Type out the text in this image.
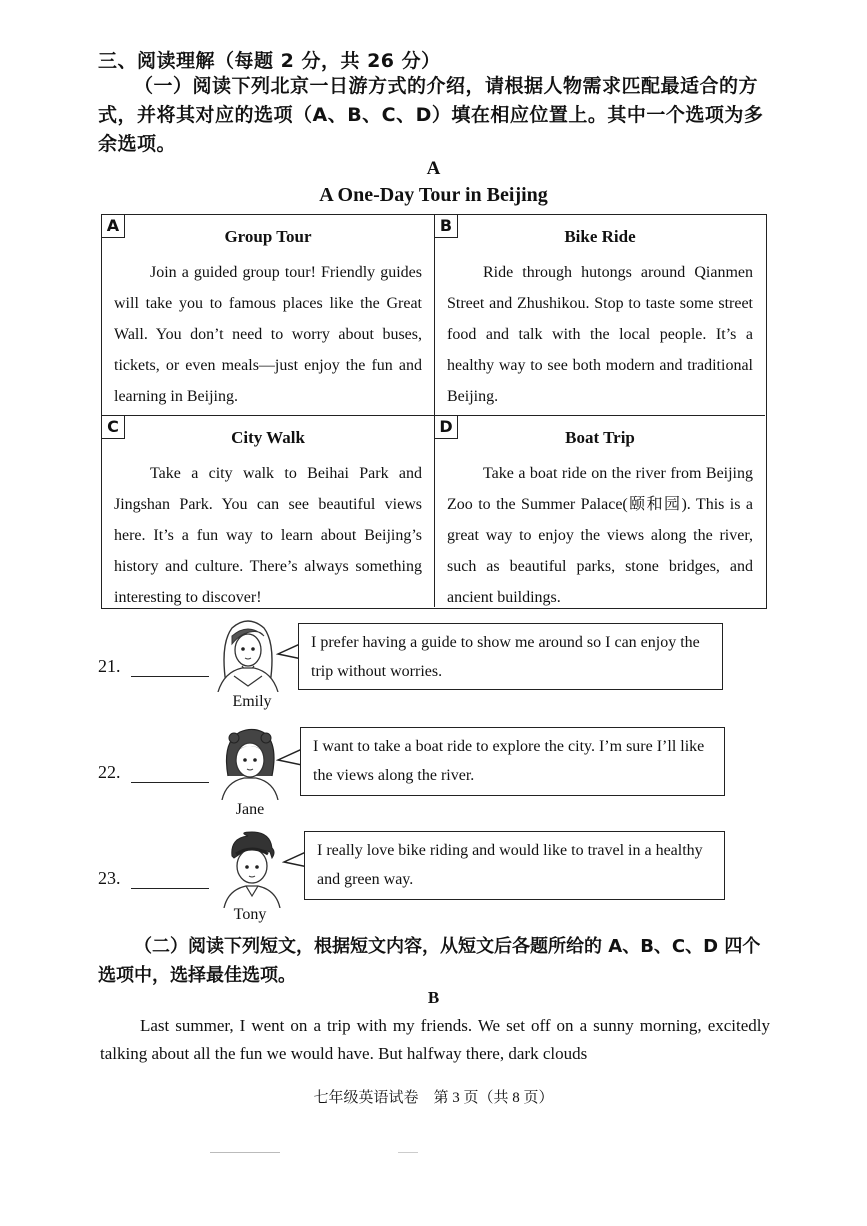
三、阅读理解（每题 2 分，共 26 分）
（一）阅读下列北京一日游方式的介绍，请根据人物需求匹配最适合的方式，并将其对应的选项（A、B、C、D）填在相应位置上。其中一个选项为多余选项。
A
A One-Day Tour in Beijing
A
Group Tour
Join a guided group tour! Friendly guides will take you to famous places like the Great Wall. You don’t need to worry about buses, tickets, or even meals—just enjoy the fun and learning in Beijing.
B
Bike Ride
Ride through hutongs around Qianmen Street and Zhushikou. Stop to taste some street food and talk with the local people. It’s a healthy way to see both modern and traditional Beijing.
C
City Walk
Take a city walk to Beihai Park and Jingshan Park. You can see beautiful views here. It’s a fun way to learn about Beijing’s history and culture. There’s always something interesting to discover!
D
Boat Trip
Take a boat ride on the river from Beijing Zoo to the Summer Palace(颐和园). This is a great way to enjoy the views along the river, such as beautiful parks, stone bridges, and ancient buildings.
21.
Emily
I prefer having a guide to show me around so I can enjoy the trip without worries.
22.
Jane
I want to take a boat ride to explore the city. I’m sure I’ll like the views along the river.
23.
Tony
I really love bike riding and would like to travel in a healthy and green way.
（二）阅读下列短文，根据短文内容，从短文后各题所给的 A、B、C、D 四个选项中，选择最佳选项。
B
Last summer, I went on a trip with my friends. We set off on a sunny morning, excitedly talking about all the fun we would have. But halfway there, dark clouds
七年级英语试卷　第 3 页（共 8 页）
